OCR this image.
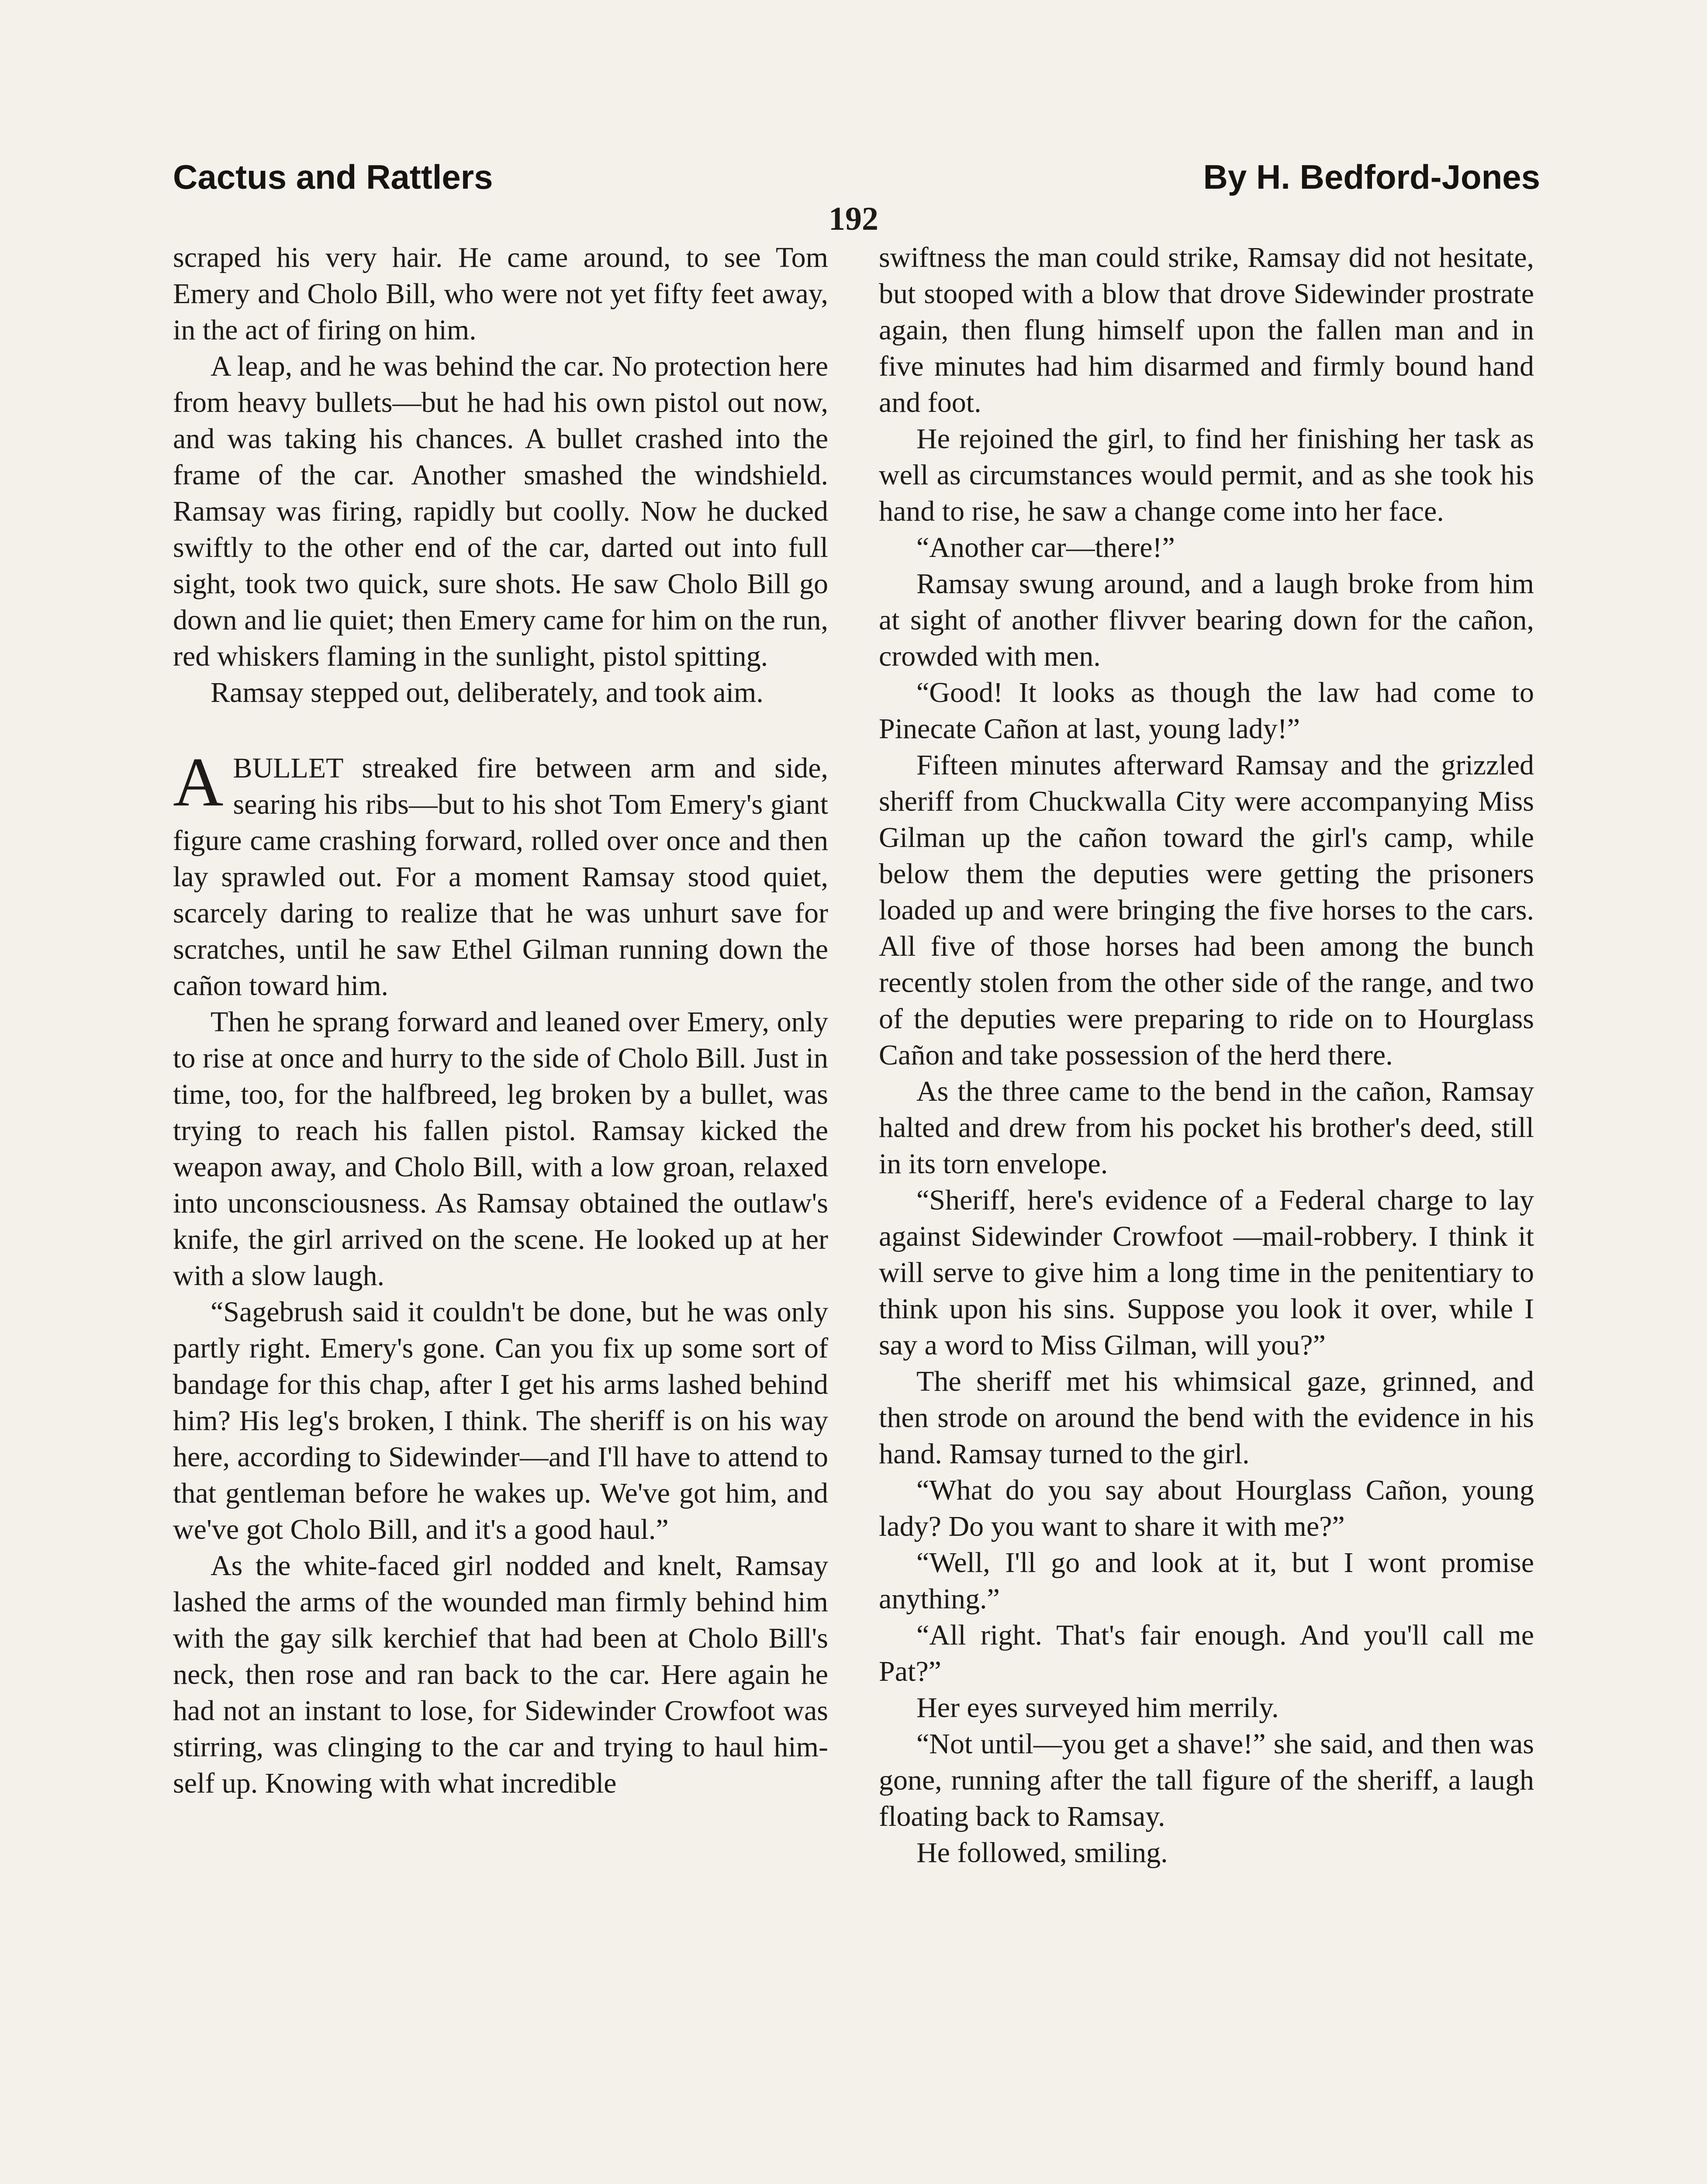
Cactus and Rattlers	By H. Bedford-Jones
192

scraped his very hair. He came around, to see Tom Emery and Cholo Bill, who were not yet fifty feet away, in the act of firing on him.

A leap, and he was behind the car. No protection here from heavy bullets—but he had his own pistol out now, and was taking his chances. A bullet crashed into the frame of the car. Another smashed the windshield. Ramsay was firing, rapidly but coolly. Now he ducked swiftly to the other end of the car, darted out into full sight, took two quick, sure shots. He saw Cholo Bill go down and lie quiet; then Emery came for him on the run, red whiskers flaming in the sunlight, pistol spitting.

Ramsay stepped out, deliberately, and took aim.

ABULLET streaked fire between arm and side, searing his ribs—but to his shot Tom Emery's giant figure came crashing forward, rolled over once and then lay sprawled out. For a moment Ramsay stood quiet, scarcely daring to realize that he was unhurt save for scratches, until he saw Ethel Gilman running down the cañon toward him.

Then he sprang forward and leaned over Emery, only to rise at once and hurry to the side of Cholo Bill. Just in time, too, for the halfbreed, leg broken by a bullet, was trying to reach his fallen pistol. Ramsay kicked the weapon away, and Cholo Bill, with a low groan, relaxed into unconsciousness. As Ramsay obtained the outlaw's knife, the girl arrived on the scene. He looked up at her with a slow laugh.

“Sagebrush said it couldn't be done, but he was only partly right. Emery's gone. Can you fix up some sort of bandage for this chap, after I get his arms lashed behind him? His leg's broken, I think. The sheriff is on his way here, according to Sidewinder—and I'll have to attend to that gentleman before he wakes up. We've got him, and we've got Cholo Bill, and it's a good haul.”

As the white-faced girl nodded and knelt, Ramsay lashed the arms of the wounded man firmly behind him with the gay silk kerchief that had been at Cholo Bill's neck, then rose and ran back to the car. Here again he had not an instant to lose, for Sidewinder Crowfoot was stirring, was clinging to the car and trying to haul himself up. Knowing with what incredible

swiftness the man could strike, Ramsay did not hesitate, but stooped with a blow that drove Sidewinder prostrate again, then flung himself upon the fallen man and in five minutes had him disarmed and firmly bound hand and foot.

He rejoined the girl, to find her finishing her task as well as circumstances would permit, and as she took his hand to rise, he saw a change come into her face.

“Another car—there!”

Ramsay swung around, and a laugh broke from him at sight of another flivver bearing down for the cañon, crowded with men.

“Good! It looks as though the law had come to Pinecate Cañon at last, young lady!”

Fifteen minutes afterward Ramsay and the grizzled sheriff from Chuckwalla City were accompanying Miss Gilman up the cañon toward the girl's camp, while below them the deputies were getting the prisoners loaded up and were bringing the five horses to the cars. All five of those horses had been among the bunch recently stolen from the other side of the range, and two of the deputies were preparing to ride on to Hourglass Cañon and take possession of the herd there.

As the three came to the bend in the cañon, Ramsay halted and drew from his pocket his brother's deed, still in its torn envelope.

“Sheriff, here's evidence of a Federal charge to lay against Sidewinder Crowfoot —mail-robbery. I think it will serve to give him a long time in the penitentiary to think upon his sins. Suppose you look it over, while I say a word to Miss Gilman, will you?”

The sheriff met his whimsical gaze, grinned, and then strode on around the bend with the evidence in his hand. Ramsay turned to the girl.

“What do you say about Hourglass Cañon, young lady? Do you want to share it with me?”

“Well, I'll go and look at it, but I wont promise anything.”

“All right. That's fair enough. And you'll call me Pat?”

Her eyes surveyed him merrily.

“Not until—you get a shave!” she said, and then was gone, running after the tall figure of the sheriff, a laugh floating back to Ramsay.

He followed, smiling.
